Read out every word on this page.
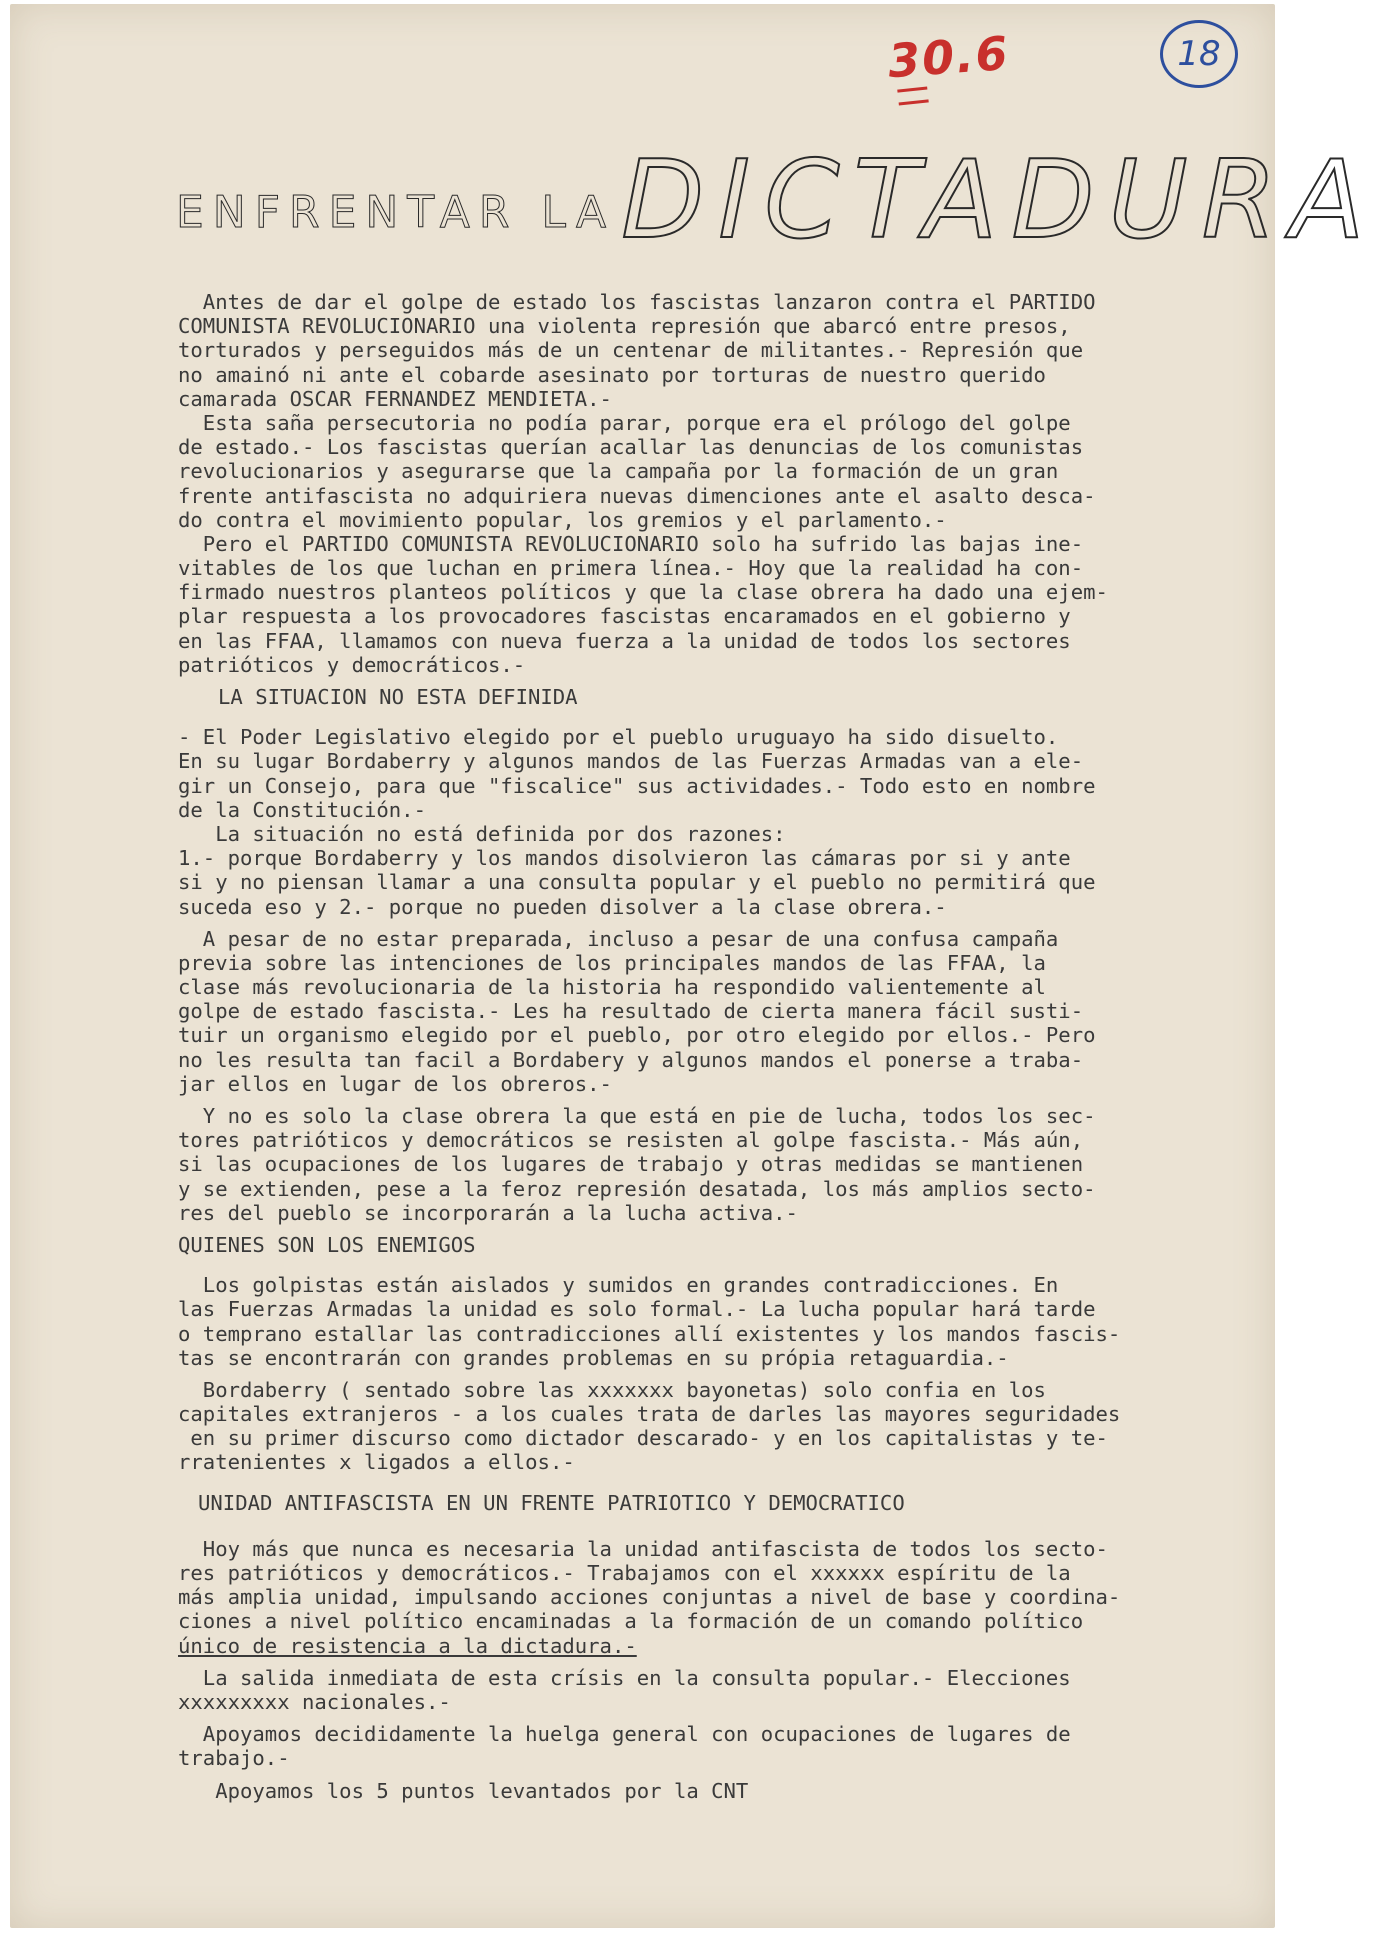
30.6	18
ENFRENTAR LADICTADURA
Antes de dar el golpe de estado los fascistas lanzaron contra el PARTIDO
COMUNISTA REVOLUCIONARIO una violenta represión que abarcó entre presos,
torturados y perseguidos más de un centenar de militantes.- Represión que
no amainó ni ante el cobarde asesinato por torturas de nuestro querido
camarada OSCAR FERNANDEZ MENDIETA.-
Esta saña persecutoria no podía parar, porque era el prólogo del golpe
de estado.- Los fascistas querían acallar las denuncias de los comunistas
revolucionarios y asegurarse que la campaña por la formación de un gran
frente antifascista no adquiriera nuevas dimenciones ante el asalto desca-
do contra el movimiento popular, los gremios y el parlamento.-
Pero el PARTIDO COMUNISTA REVOLUCIONARIO solo ha sufrido las bajas ine-
vitables de los que luchan en primera línea.- Hoy que la realidad ha con-
firmado nuestros planteos políticos y que la clase obrera ha dado una ejem-
plar respuesta a los provocadores fascistas encaramados en el gobierno y
en las FFAA, llamamos con nueva fuerza a la unidad de todos los sectores
patrióticos y democráticos.-
LA SITUACION NO ESTA DEFINIDA
- El Poder Legislativo elegido por el pueblo uruguayo ha sido disuelto.
En su lugar Bordaberry y algunos mandos de las Fuerzas Armadas van a ele-
gir un Consejo, para que "fiscalice" sus actividades.- Todo esto en nombre
de la Constitución.-
La situación no está definida por dos razones:
1.- porque Bordaberry y los mandos disolvieron las cámaras por si y ante
si y no piensan llamar a una consulta popular y el pueblo no permitirá que
suceda eso y 2.- porque no pueden disolver a la clase obrera.-
A pesar de no estar preparada, incluso a pesar de una confusa campaña
previa sobre las intenciones de los principales mandos de las FFAA, la
clase más revolucionaria de la historia ha respondido valientemente al
golpe de estado fascista.- Les ha resultado de cierta manera fácil susti-
tuir un organismo elegido por el pueblo, por otro elegido por ellos.- Pero
no les resulta tan facil a Bordabery y algunos mandos el ponerse a traba-
jar ellos en lugar de los obreros.-
Y no es solo la clase obrera la que está en pie de lucha, todos los sec-
tores patrióticos y democráticos se resisten al golpe fascista.- Más aún,
si las ocupaciones de los lugares de trabajo y otras medidas se mantienen
y se extienden, pese a la feroz represión desatada, los más amplios secto-
res del pueblo se incorporarán a la lucha activa.-
QUIENES SON LOS ENEMIGOS
Los golpistas están aislados y sumidos en grandes contradicciones. En
las Fuerzas Armadas la unidad es solo formal.- La lucha popular hará tarde
o temprano estallar las contradicciones allí existentes y los mandos fascis-
tas se encontrarán con grandes problemas en su própia retaguardia.-
Bordaberry ( sentado sobre las xxxxxxx bayonetas) solo confia en los
capitales extranjeros - a los cuales trata de darles las mayores seguridades
en su primer discurso como dictador descarado- y en los capitalistas y te-
rratenientes x ligados a ellos.-
UNIDAD ANTIFASCISTA EN UN FRENTE PATRIOTICO Y DEMOCRATICO
Hoy más que nunca es necesaria la unidad antifascista de todos los secto-
res patrióticos y democráticos.- Trabajamos con el xxxxxx espíritu de la
más amplia unidad, impulsando acciones conjuntas a nivel de base y coordina-
ciones a nivel político encaminadas a la formación de un comando político
único de resistencia a la dictadura.-
La salida inmediata de esta crísis en la consulta popular.- Elecciones
xxxxxxxxx nacionales.-
Apoyamos decididamente la huelga general con ocupaciones de lugares de
trabajo.-
Apoyamos los 5 puntos levantados por la CNT
